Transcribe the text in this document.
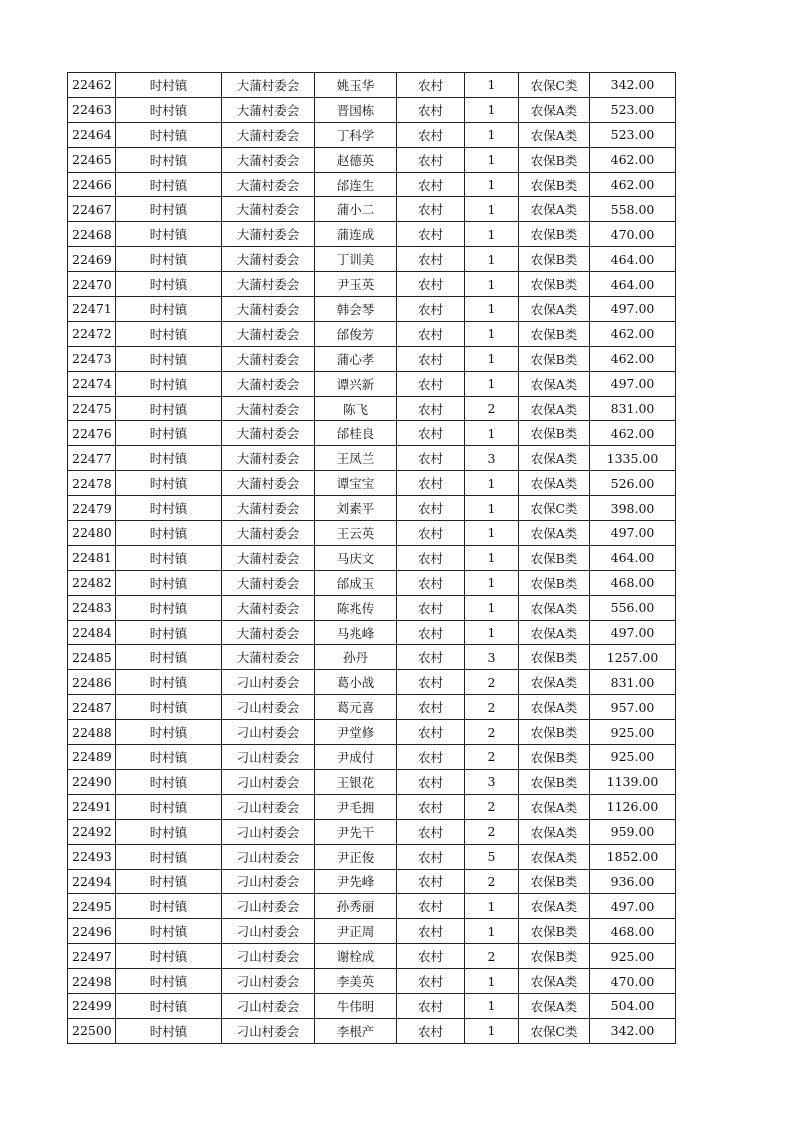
22462	时村镇	大蒲村委会	姚玉华	农村	1	农保C类	342.00
22463	时村镇	大蒲村委会	晋国栋	农村	1	农保A类	523.00
22464	时村镇	大蒲村委会	丁科学	农村	1	农保A类	523.00
22465	时村镇	大蒲村委会	赵德英	农村	1	农保B类	462.00
22466	时村镇	大蒲村委会	邰连生	农村	1	农保B类	462.00
22467	时村镇	大蒲村委会	蒲小二	农村	1	农保A类	558.00
22468	时村镇	大蒲村委会	蒲连成	农村	1	农保B类	470.00
22469	时村镇	大蒲村委会	丁训美	农村	1	农保B类	464.00
22470	时村镇	大蒲村委会	尹玉英	农村	1	农保B类	464.00
22471	时村镇	大蒲村委会	韩会琴	农村	1	农保A类	497.00
22472	时村镇	大蒲村委会	邰俊芳	农村	1	农保B类	462.00
22473	时村镇	大蒲村委会	蒲心孝	农村	1	农保B类	462.00
22474	时村镇	大蒲村委会	谭兴新	农村	1	农保A类	497.00
22475	时村镇	大蒲村委会	陈飞	农村	2	农保A类	831.00
22476	时村镇	大蒲村委会	邰桂良	农村	1	农保B类	462.00
22477	时村镇	大蒲村委会	王凤兰	农村	3	农保A类	1335.00
22478	时村镇	大蒲村委会	谭宝宝	农村	1	农保A类	526.00
22479	时村镇	大蒲村委会	刘素平	农村	1	农保C类	398.00
22480	时村镇	大蒲村委会	王云英	农村	1	农保A类	497.00
22481	时村镇	大蒲村委会	马庆文	农村	1	农保B类	464.00
22482	时村镇	大蒲村委会	邰成玉	农村	1	农保B类	468.00
22483	时村镇	大蒲村委会	陈兆传	农村	1	农保A类	556.00
22484	时村镇	大蒲村委会	马兆峰	农村	1	农保A类	497.00
22485	时村镇	大蒲村委会	孙丹	农村	3	农保B类	1257.00
22486	时村镇	刁山村委会	葛小战	农村	2	农保A类	831.00
22487	时村镇	刁山村委会	葛元喜	农村	2	农保A类	957.00
22488	时村镇	刁山村委会	尹堂修	农村	2	农保B类	925.00
22489	时村镇	刁山村委会	尹成付	农村	2	农保B类	925.00
22490	时村镇	刁山村委会	王银花	农村	3	农保B类	1139.00
22491	时村镇	刁山村委会	尹毛拥	农村	2	农保A类	1126.00
22492	时村镇	刁山村委会	尹先干	农村	2	农保A类	959.00
22493	时村镇	刁山村委会	尹正俊	农村	5	农保A类	1852.00
22494	时村镇	刁山村委会	尹先峰	农村	2	农保B类	936.00
22495	时村镇	刁山村委会	孙秀丽	农村	1	农保A类	497.00
22496	时村镇	刁山村委会	尹正周	农村	1	农保B类	468.00
22497	时村镇	刁山村委会	谢栓成	农村	2	农保B类	925.00
22498	时村镇	刁山村委会	李美英	农村	1	农保A类	470.00
22499	时村镇	刁山村委会	牛伟明	农村	1	农保A类	504.00
22500	时村镇	刁山村委会	李根产	农村	1	农保C类	342.00
